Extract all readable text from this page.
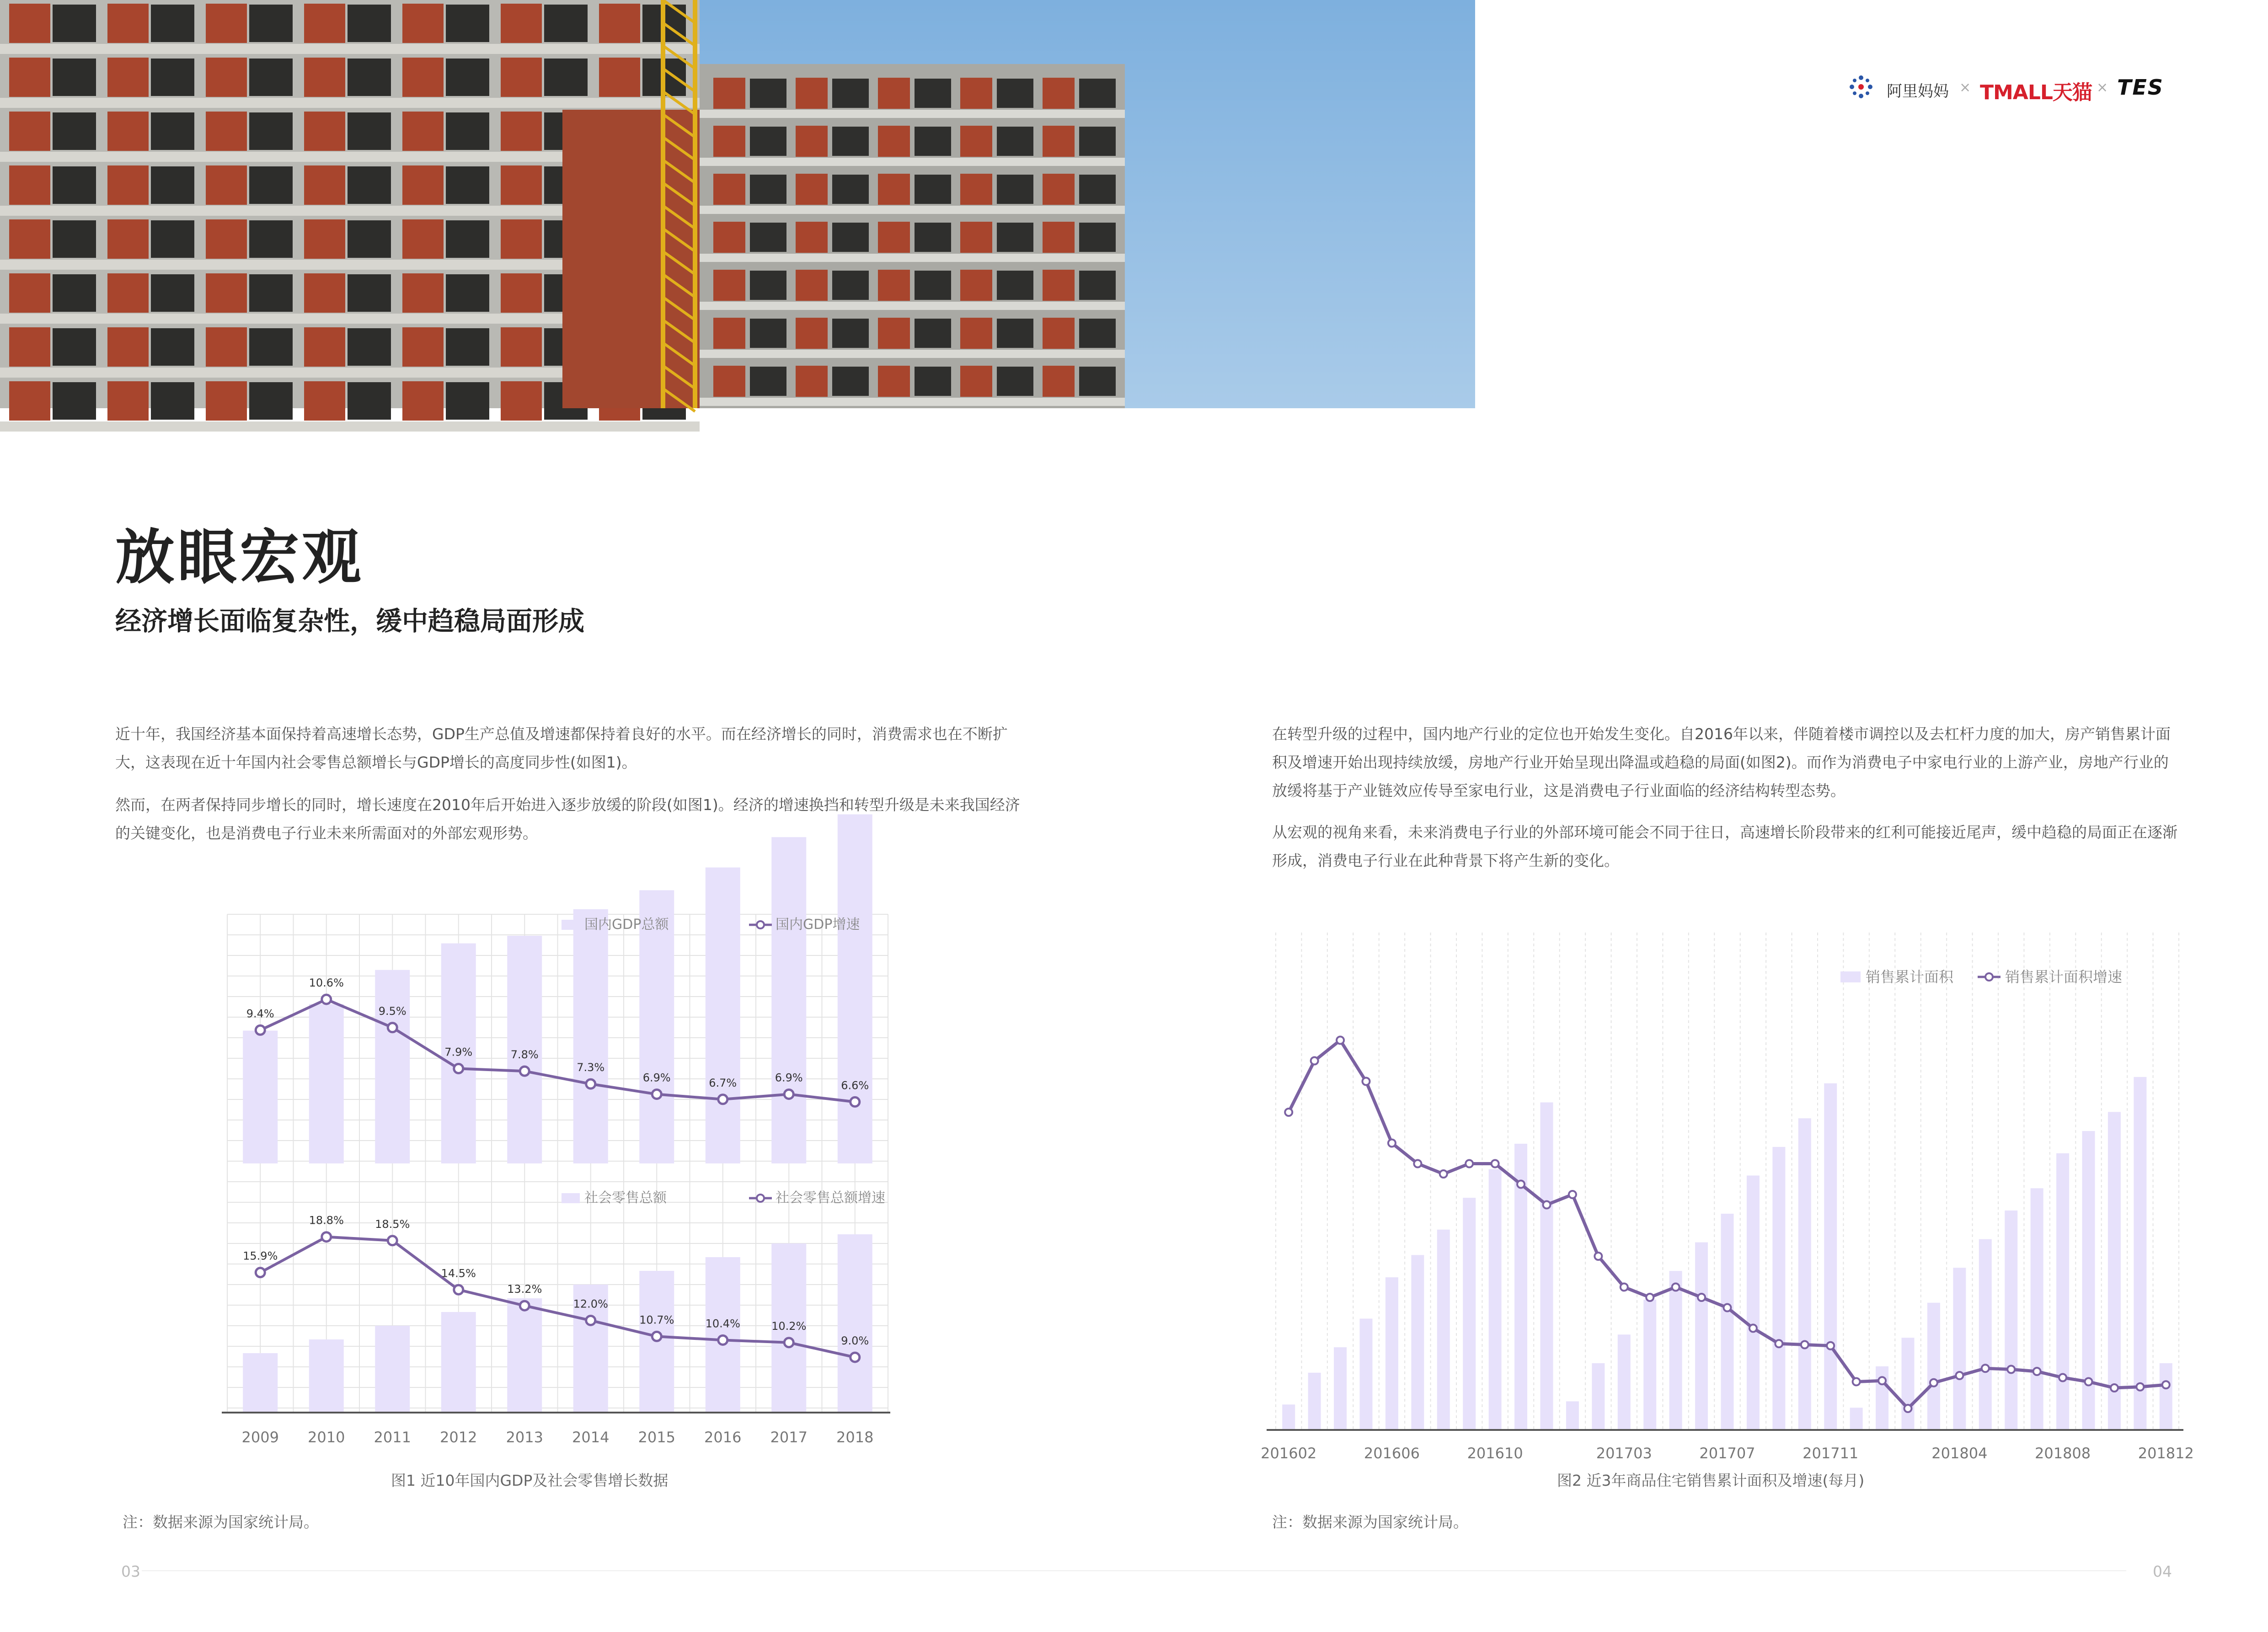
阿里妈妈 × TMALL天猫 × TES
放眼宏观
经济增长面临复杂性，缓中趋稳局面形成

近十年，我国经济基本面保持着高速增长态势，GDP生产总值及增速都保持着良好的水平。而在经济增长的同时，消费需求也在不断扩大，这表现在近十年国内社会零售总额增长与GDP增长的高度同步性(如图1)。

然而，在两者保持同步增长的同时，增长速度在2010年后开始进入逐步放缓的阶段(如图1)。经济的增速换挡和转型升级是未来我国经济的关键变化，也是消费电子行业未来所需面对的外部宏观形势。

在转型升级的过程中，国内地产行业的定位也开始发生变化。自2016年以来，伴随着楼市调控以及去杠杆力度的加大，房产销售累计面积及增速开始出现持续放缓，房地产行业开始呈现出降温或趋稳的局面(如图2)。而作为消费电子中家电行业的上游产业，房地产行业的放缓将基于产业链效应传导至家电行业，这是消费电子行业面临的经济结构转型态势。

从宏观的视角来看，未来消费电子行业的外部环境可能会不同于往日，高速增长阶段带来的红利可能接近尾声，缓中趋稳的局面正在逐渐形成，消费电子行业在此种背景下将产生新的变化。

9.4%
10.6%
9.5%
7.9%	7.8%
7.3%
6.9%	6.7%	6.9%
6.6%
国内GDP总额	国内GDP增速
15.9%
18.8%	18.5%
14.5%
13.2%
12.0%
10.7%	10.4%	10.2%
9.0%
社会零售总额	社会零售总额增速
2009 2010 2011 2012 2013 2014 2015 2016 2017 2018
201602	201606	201610	201703	201707	201711	201804	201808	201812
销售累计面积	销售累计面积增速
图1 近10年国内GDP及社会零售增长数据	图2 近3年商品住宅销售累计面积及增速(每月)
注：数据来源为国家统计局。	注：数据来源为国家统计局。
03	04
